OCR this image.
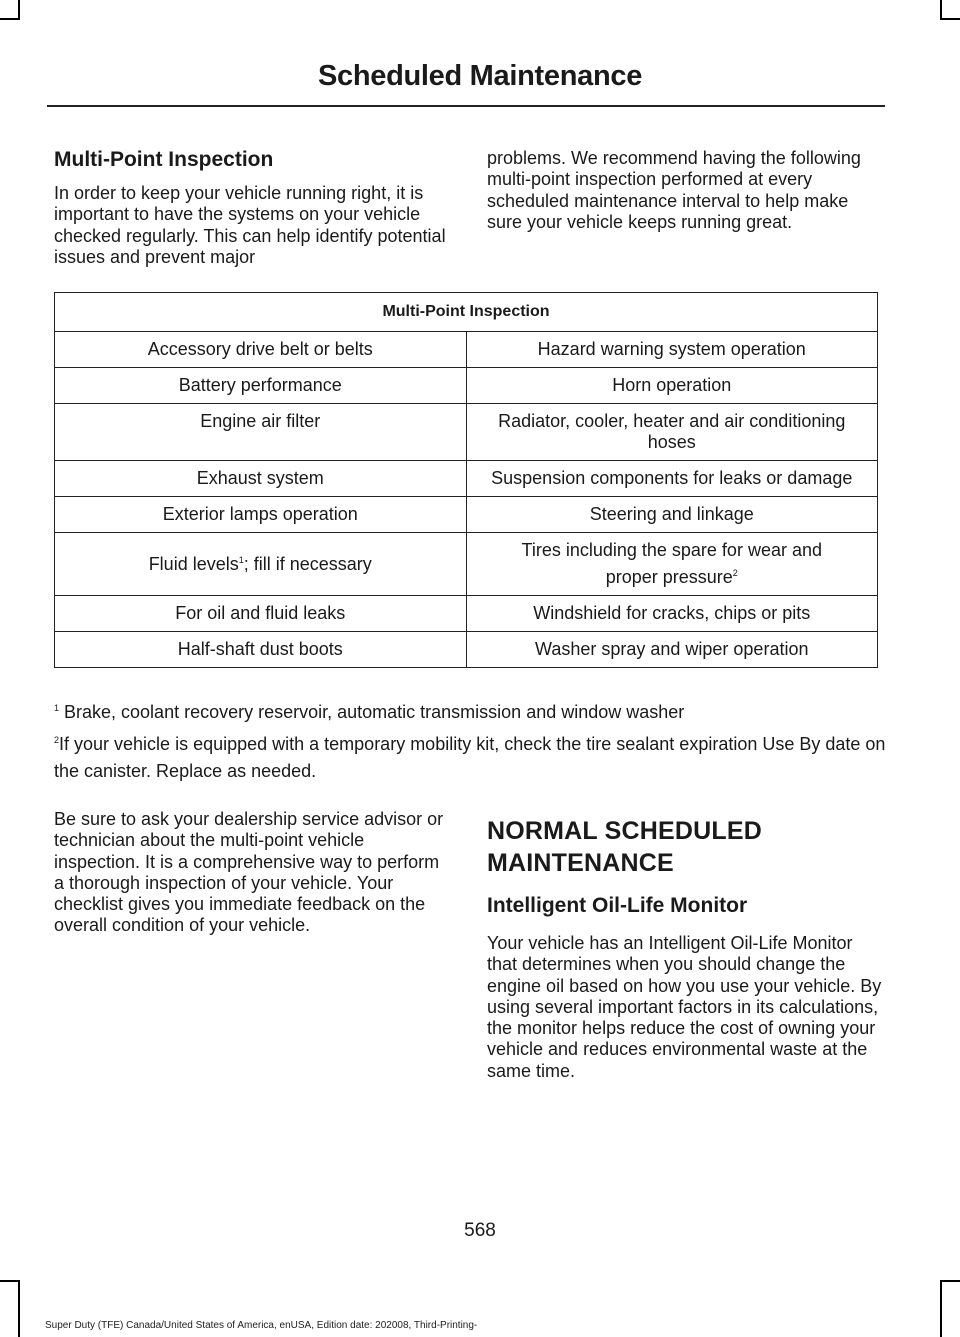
Scheduled Maintenance
Multi-Point Inspection

In order to keep your vehicle running right, it is important to have the systems on your vehicle checked regularly. This can help identify potential issues and prevent major

problems. We recommend having the following multi-point inspection performed at every scheduled maintenance interval to help make sure your vehicle keeps running great.

Multi-Point Inspection	
Accessory drive belt or belts	Hazard warning system operation
Battery performance	Horn operation
Engine air filter	Radiator, cooler, heater and air conditioning hoses
Exhaust system	Suspension components for leaks or damage
Exterior lamps operation	Steering and linkage
Fluid levels$^1$; fill if necessary	Tires including the spare for wear and
proper pressure$^2$

For oil and fluid leaks	Windshield for cracks, chips or pits
Half-shaft dust boots	Washer spray and wiper operation

$^1$ Brake, coolant recovery reservoir, automatic transmission and window washer

$^2$If your vehicle is equipped with a temporary mobility kit, check the tire sealant expiration Use By date on the canister. Replace as needed.

Be sure to ask your dealership service advisor or technician about the multi-point vehicle inspection. It is a comprehensive way to perform a thorough inspection of your vehicle. Your checklist gives you immediate feedback on the overall condition of your vehicle.

NORMAL SCHEDULED MAINTENANCE
Intelligent Oil-Life Monitor

Your vehicle has an Intelligent Oil-Life Monitor that determines when you should change the engine oil based on how you use your vehicle. By using several important factors in its calculations, the monitor helps reduce the cost of owning your vehicle and reduces environmental waste at the same time.

568
Super Duty (TFE) Canada/United States of America, enUSA, Edition date: 202008, Third-Printing-
